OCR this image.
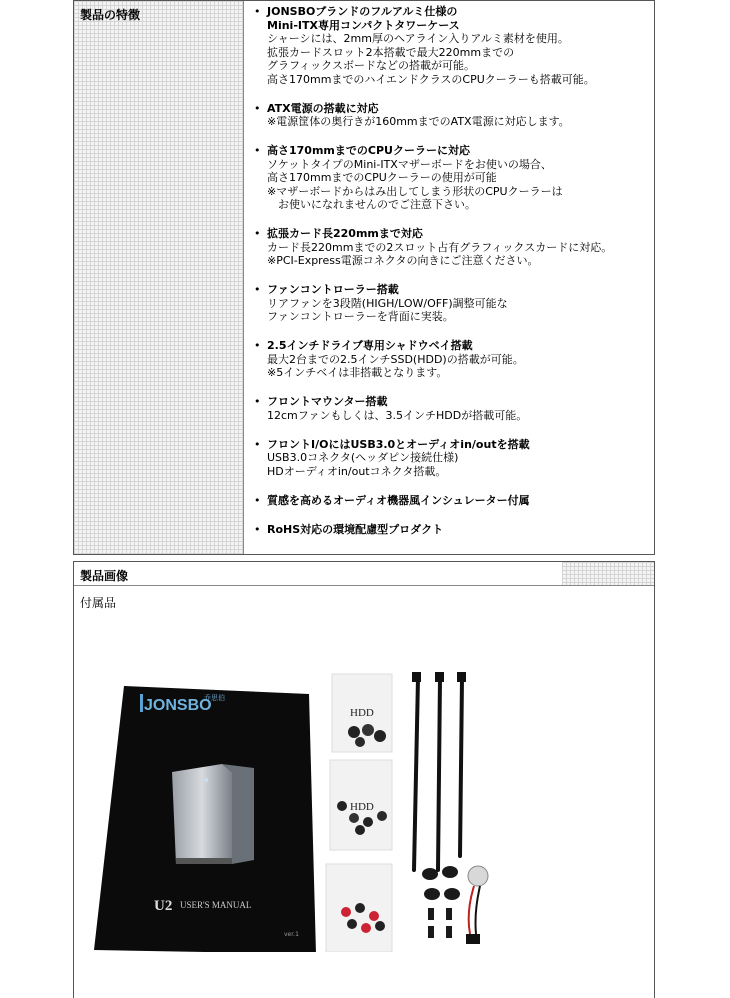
製品の特徴
•	JONSBOブランドのフルアルミ仕様の
Mini-ITX専用コンパクトタワーケース
シャーシには、2mm厚のヘアライン入りアルミ素材を使用。
拡張カードスロット2本搭載で最大220mmまでの
グラフィックスボードなどの搭載が可能。
高さ170mmまでのハイエンドクラスのCPUクーラーも搭載可能。
• ATX電源の搭載に対応
※電源筐体の奥行きが160mmまでのATX電源に対応します。
• 高さ170mmまでのCPUクーラーに対応
ソケットタイプのMini-ITXマザーボードをお使いの場合、
高さ170mmまでのCPUクーラーの使用が可能
※マザーボードからはみ出してしまう形状のCPUクーラーは
　お使いになれませんのでご注意下さい。
• 拡張カード長220mmまで対応
カード長220mmまでの2スロット占有グラフィックスカードに対応。
※PCI-Express電源コネクタの向きにご注意ください。
• ファンコントローラー搭載
リアファンを3段階(HIGH/LOW/OFF)調整可能な
ファンコントローラーを背面に実装。
• 2.5インチドライブ専用シャドウベイ搭載
最大2台までの2.5インチSSD(HDD)の搭載が可能。
※5インチベイは非搭載となります。
• フロントマウンター搭載
12cmファンもしくは、3.5インチHDDが搭載可能。
• フロントI/OにはUSB3.0とオーディオin/outを搭載
USB3.0コネクタ(ヘッダピン接続仕様)
HDオーディオin/outコネクタ搭載。
• 質感を高めるオーディオ機器風インシュレーター付属
• RoHS対応の環境配慮型プロダクト
製品画像
付属品
JONSBO
乔思伯
U2 USER'S MANUAL
ver.1
HDD
HDD
